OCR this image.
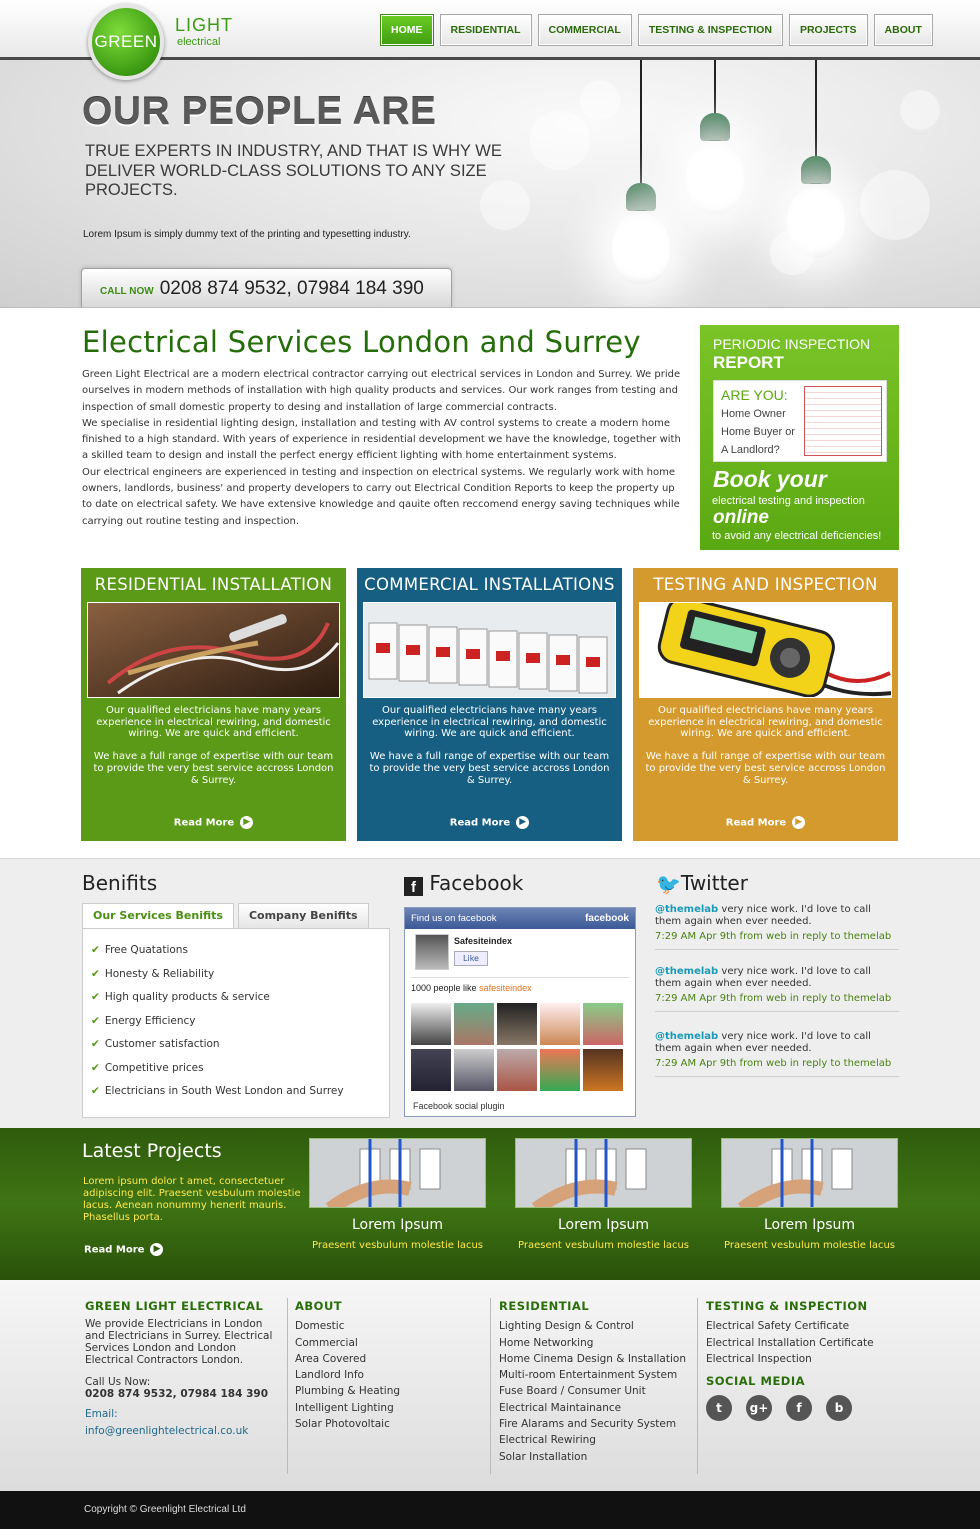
GREEN
LIGHT
electrical
HOME	RESIDENTIAL	COMMERCIAL	TESTING & INSPECTION	PROJECTS	ABOUT
OUR PEOPLE ARE
TRUE EXPERTS IN INDUSTRY, AND THAT IS WHY WE DELIVER WORLD-CLASS SOLUTIONS TO ANY SIZE PROJECTS.
Lorem Ipsum is simply dummy text of the printing and typesetting industry.
CALL NOW 0208 874 9532, 07984 184 390
Electrical Services London and Surrey

Green Light Electrical are a modern electrical contractor carrying out electrical services in London and Surrey. We pride ourselves in modern methods of installation with high quality products and services. Our work ranges from testing and inspection of small domestic property to desing and installation of large commercial contracts.

We specialise in residential lighting design, installation and testing with AV control systems to create a modern home finished to a high standard. With years of experience in residential development we have the knowledge, together with a skilled team to design and install the perfect energy efficient lighting with home entertainment systems.

Our electrical engineers are experienced in testing and inspection on electrical systems. We regularly work with home owners, landlords, business' and property developers to carry out Electrical Condition Reports to keep the property up to date on electrical safety. We have extensive knowledge and qauite often reccomend energy saving techniques while carrying out routine testing and inspection.

PERIODIC INSPECTION
REPORT
ARE YOU:
Home Owner
Home Buyer or
A Landlord?
Book your
electrical testing and inspection
online
to avoid any electrical deficiencies!
RESIDENTIAL INSTALLATION

Our qualified electricians have many years experience in electrical rewiring, and domestic wiring. We are quick and efficient.

We have a full range of expertise with our team to provide the very best service accross London & Surrey.

Read More ▶
COMMERCIAL INSTALLATIONS

Our qualified electricians have many years experience in electrical rewiring, and domestic wiring. We are quick and efficient.

We have a full range of expertise with our team to provide the very best service accross London & Surrey.

Read More ▶
TESTING AND INSPECTION

Our qualified electricians have many years experience in electrical rewiring, and domestic wiring. We are quick and efficient.

We have a full range of expertise with our team to provide the very best service accross London & Surrey.

Read More ▶
Benifits
Our Services Benifits	Company Benifits
✔ Free Quatations
✔ Honesty & Reliability
✔ High quality products & service
✔ Energy Efficiency
✔ Customer satisfaction
✔ Competitive prices
✔ Electricians in South West London and Surrey
f Facebook
Find us on facebook	facebook
Safesiteindex
Like
1000 people like safesiteindex
Facebook social plugin
🐦Twitter
@themelab very nice work. I'd love to call them again when ever needed.
7:29 AM Apr 9th from web in reply to themelab
@themelab very nice work. I'd love to call them again when ever needed.
7:29 AM Apr 9th from web in reply to themelab
@themelab very nice work. I'd love to call them again when ever needed.
7:29 AM Apr 9th from web in reply to themelab
Latest Projects
Lorem ipsum dolor t amet, consectetuer adipiscing elit. Praesent vesbulum molestie lacus. Aenean nonummy henerit mauris. Phasellus porta.
Read More ▶
Lorem Ipsum
Praesent vesbulum molestie lacus
Lorem Ipsum
Praesent vesbulum molestie lacus
Lorem Ipsum
Praesent vesbulum molestie lacus
GREEN LIGHT ELECTRICAL
We provide Electricians in London and Electricians in Surrey. Electrical Services London and London Electrical Contractors London.
Call Us Now:
0208 874 9532, 07984 184 390
Email: info@greenlightelectrical.co.uk
ABOUT
Domestic
Commercial
Area Covered
Landlord Info
Plumbing & Heating
Intelligent Lighting
Solar Photovoltaic
RESIDENTIAL
Lighting Design & Control
Home Networking
Home Cinema Design & Installation
Multi-room Entertainment System
Fuse Board / Consumer Unit
Electrical Maintainance
Fire Alarams and Security System
Electrical Rewiring
Solar Installation
TESTING & INSPECTION
Electrical Safety Certificate
Electrical Installation Certificate
Electrical Inspection
SOCIAL MEDIA
t	g+	f	b
Copyright © Greenlight Electrical Ltd
